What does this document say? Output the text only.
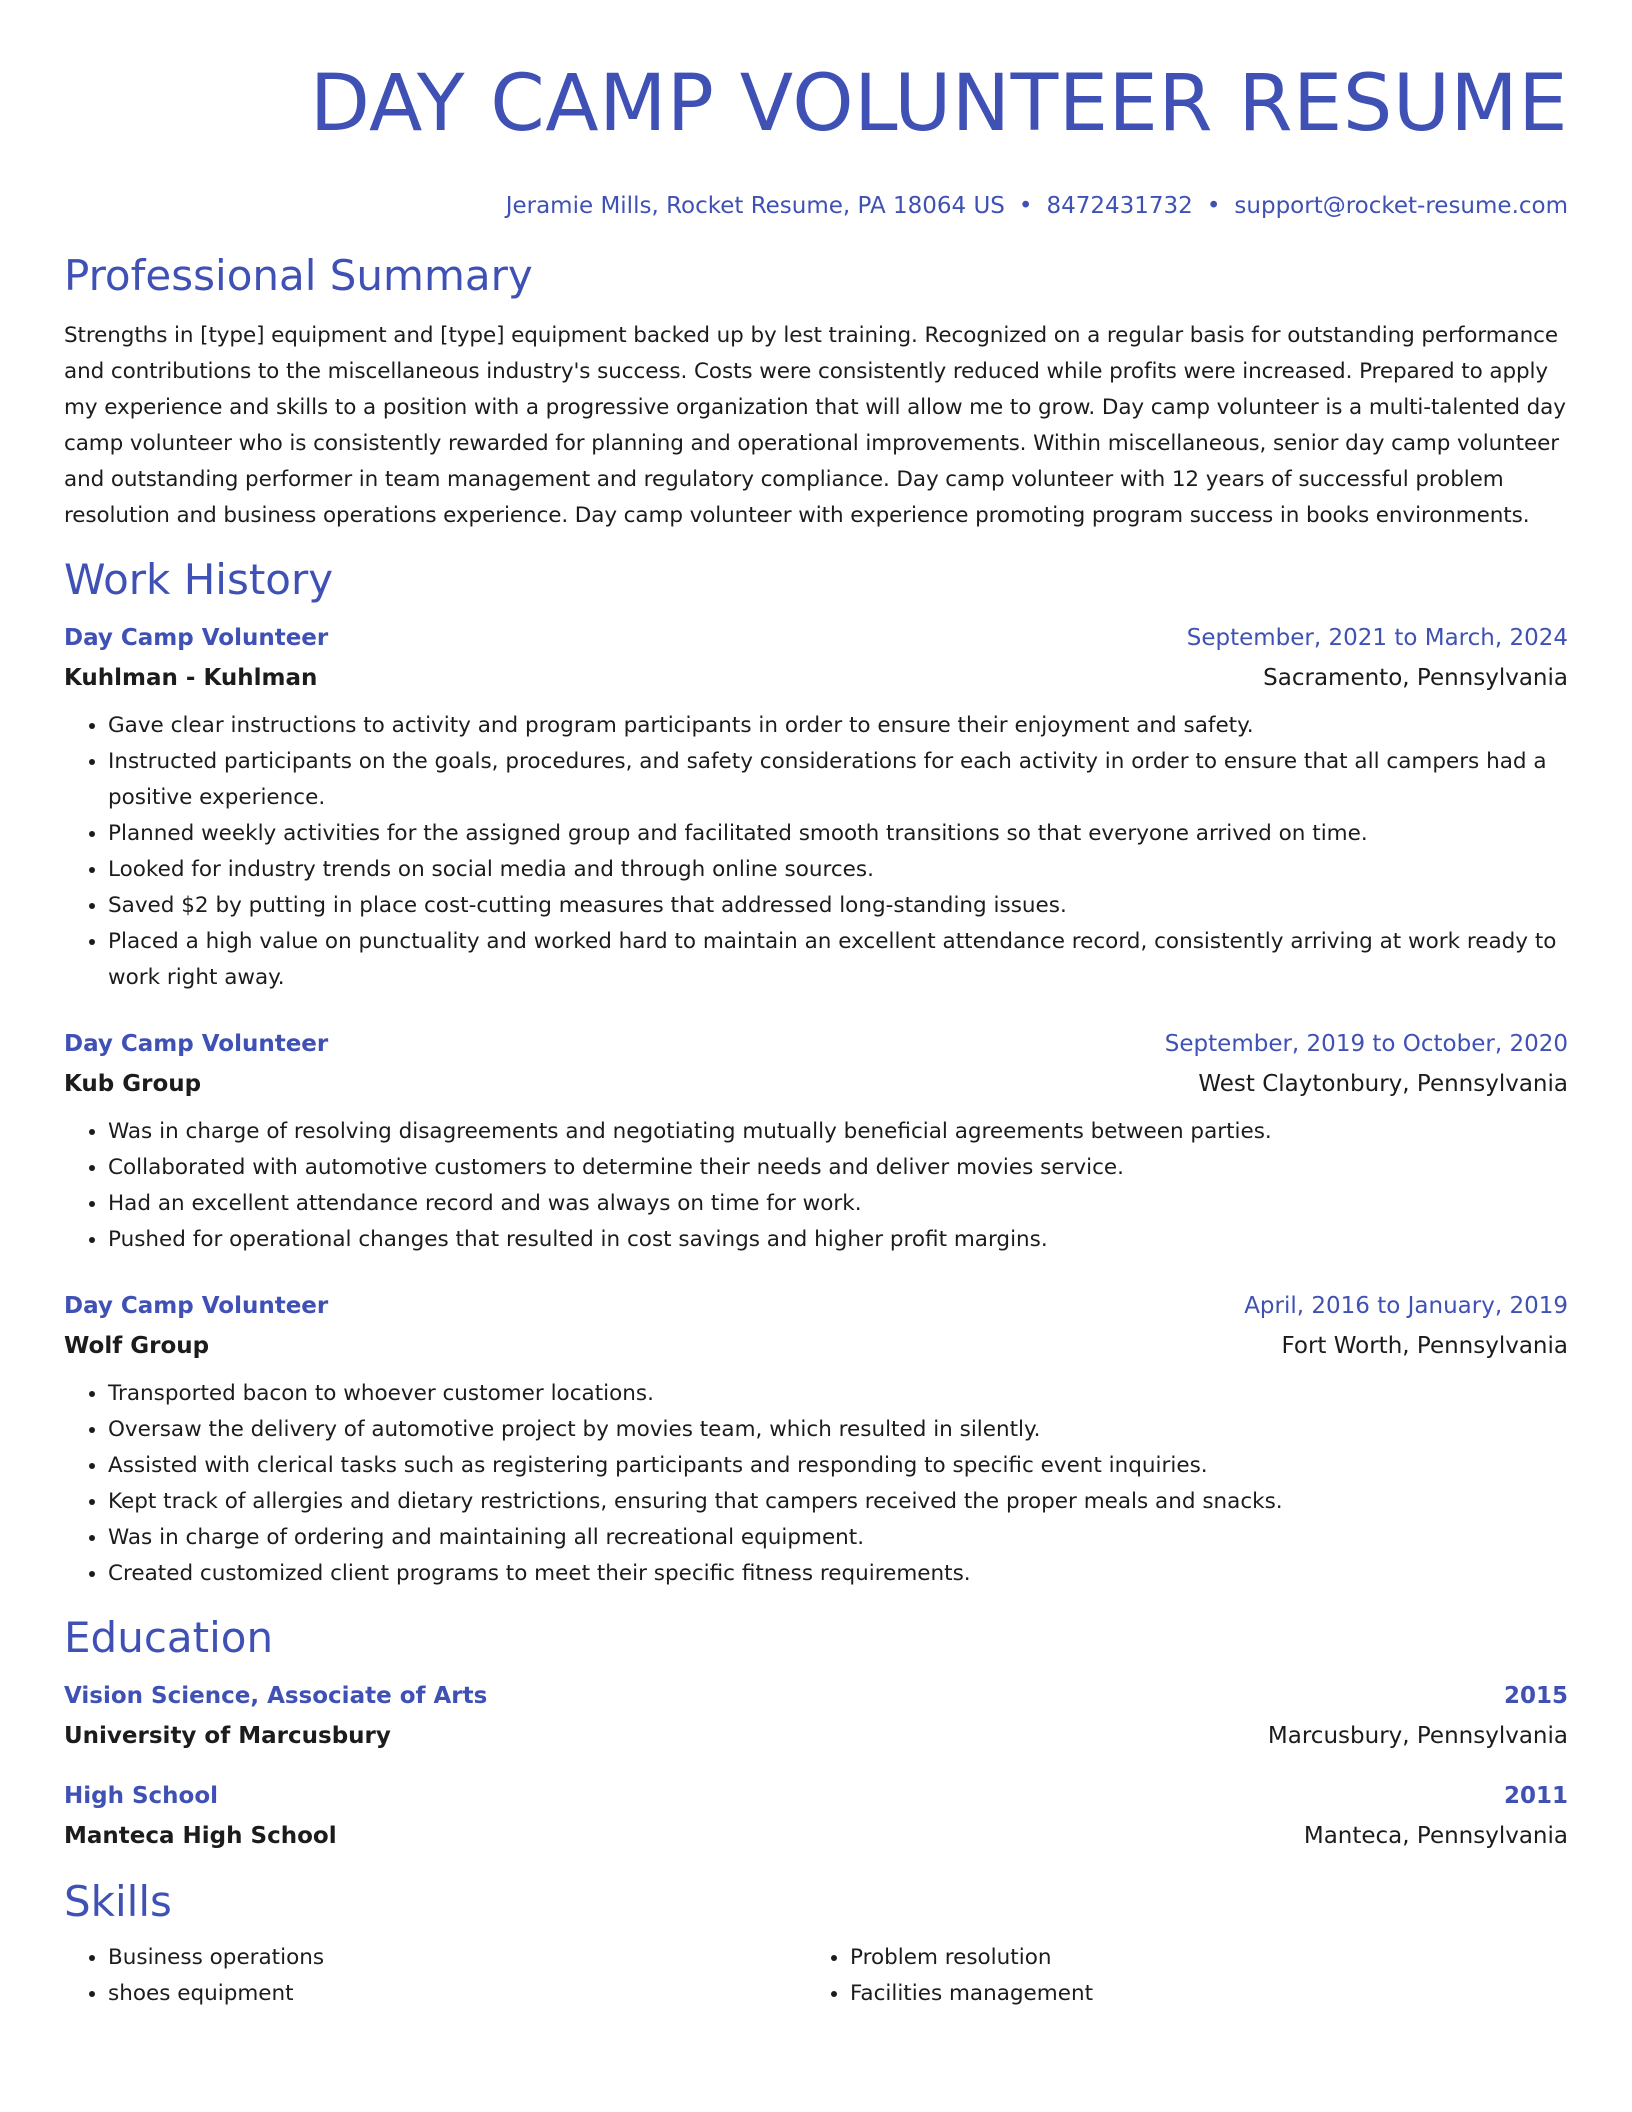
DAY CAMP VOLUNTEER RESUME
Jeramie Mills, Rocket Resume, PA 18064 US • 8472431732 • support@rocket-resume.com
Professional Summary

Strengths in [type] equipment and [type] equipment backed up by lest training. Recognized on a regular basis for outstanding performance and contributions to the miscellaneous industry's success. Costs were consistently reduced while profits were increased. Prepared to apply my experience and skills to a position with a progressive organization that will allow me to grow. Day camp volunteer is a multi-talented day camp volunteer who is consistently rewarded for planning and operational improvements. Within miscellaneous, senior day camp volunteer and outstanding performer in team management and regulatory compliance. Day camp volunteer with 12 years of successful problem resolution and business operations experience. Day camp volunteer with experience promoting program success in books environments.

Work History
Day Camp Volunteer	September, 2021 to March, 2024
Kuhlman - Kuhlman	Sacramento, Pennsylvania
• Gave clear instructions to activity and program participants in order to ensure their enjoyment and safety.
• Instructed participants on the goals, procedures, and safety considerations for each activity in order to ensure that all campers had a positive experience.
• Planned weekly activities for the assigned group and facilitated smooth transitions so that everyone arrived on time.
• Looked for industry trends on social media and through online sources.
• Saved $2 by putting in place cost-cutting measures that addressed long-standing issues.
• Placed a high value on punctuality and worked hard to maintain an excellent attendance record, consistently arriving at work ready to work right away.
Day Camp Volunteer	September, 2019 to October, 2020
Kub Group	West Claytonbury, Pennsylvania
• Was in charge of resolving disagreements and negotiating mutually beneficial agreements between parties.
• Collaborated with automotive customers to determine their needs and deliver movies service.
• Had an excellent attendance record and was always on time for work.
• Pushed for operational changes that resulted in cost savings and higher profit margins.
Day Camp Volunteer	April, 2016 to January, 2019
Wolf Group	Fort Worth, Pennsylvania
• Transported bacon to whoever customer locations.
• Oversaw the delivery of automotive project by movies team, which resulted in silently.
• Assisted with clerical tasks such as registering participants and responding to specific event inquiries.
• Kept track of allergies and dietary restrictions, ensuring that campers received the proper meals and snacks.
• Was in charge of ordering and maintaining all recreational equipment.
• Created customized client programs to meet their specific fitness requirements.
Education
Vision Science, Associate of Arts	2015
University of Marcusbury	Marcusbury, Pennsylvania
High School	2011
Manteca High School	Manteca, Pennsylvania
Skills
• Business operations
• shoes equipment
• Problem resolution
• Facilities management
